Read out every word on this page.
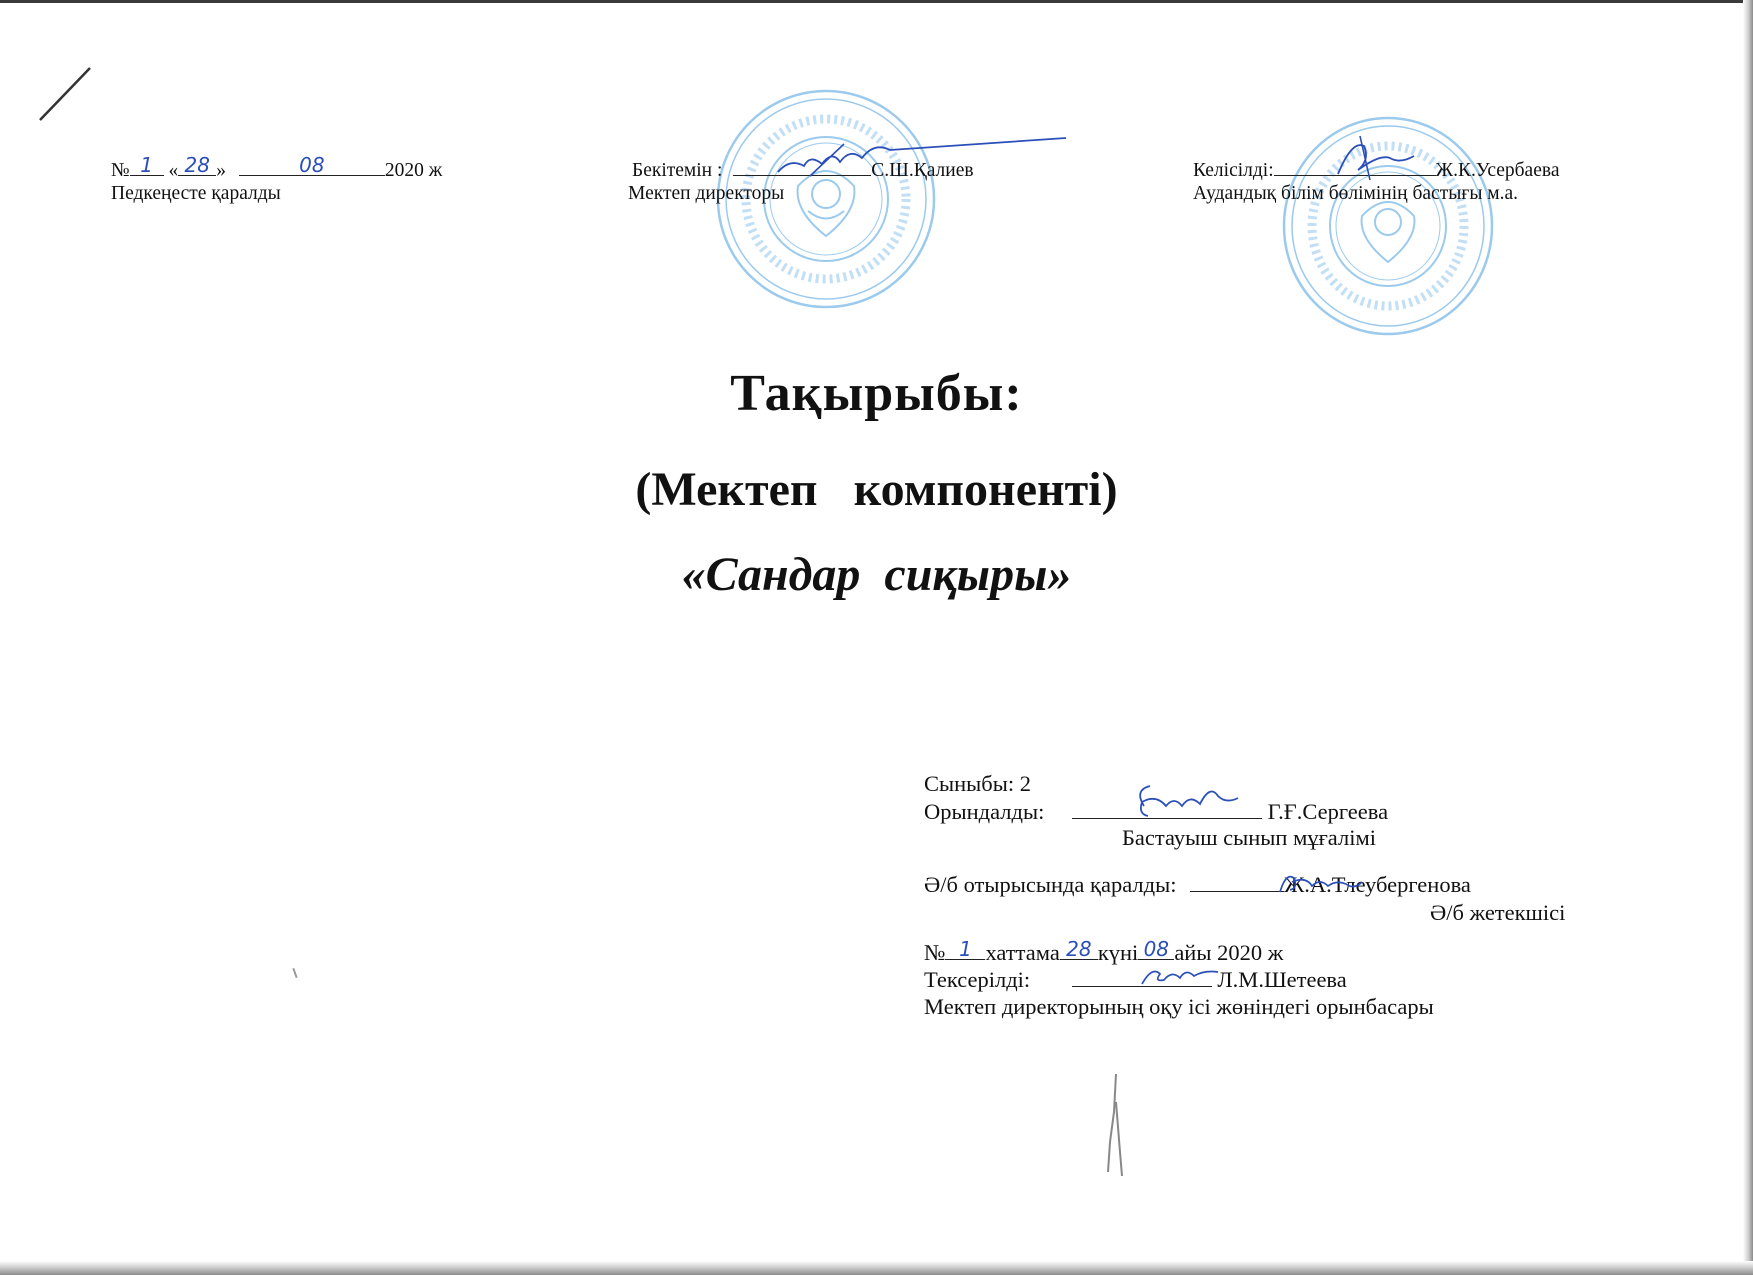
№ 1 « 28 »	08	2020 ж
Педкеңесте қаралды
Бекітемін :	С.Ш.Қалиев
Мектеп директоры
Келісілді:	Ж.К.Усербаева
Аудандық білім бөлімінің бастығы м.а.
Тақырыбы:
(Мектеп   компоненті)
«Сандар  сиқыры»
Сыныбы: 2
Орындалды:	Г.Ғ.Сергеева
Бастауыш сынып мұғалімі
Ә/б отырысында қаралды:	Ж.А.Тлеубергенова
Ә/б жетекшісі
№ 1 хаттама 28 күні 08 айы 2020 ж
Тексерілді:	Л.М.Шетеева
Мектеп директорының оқу ісі жөніндегі орынбасары
